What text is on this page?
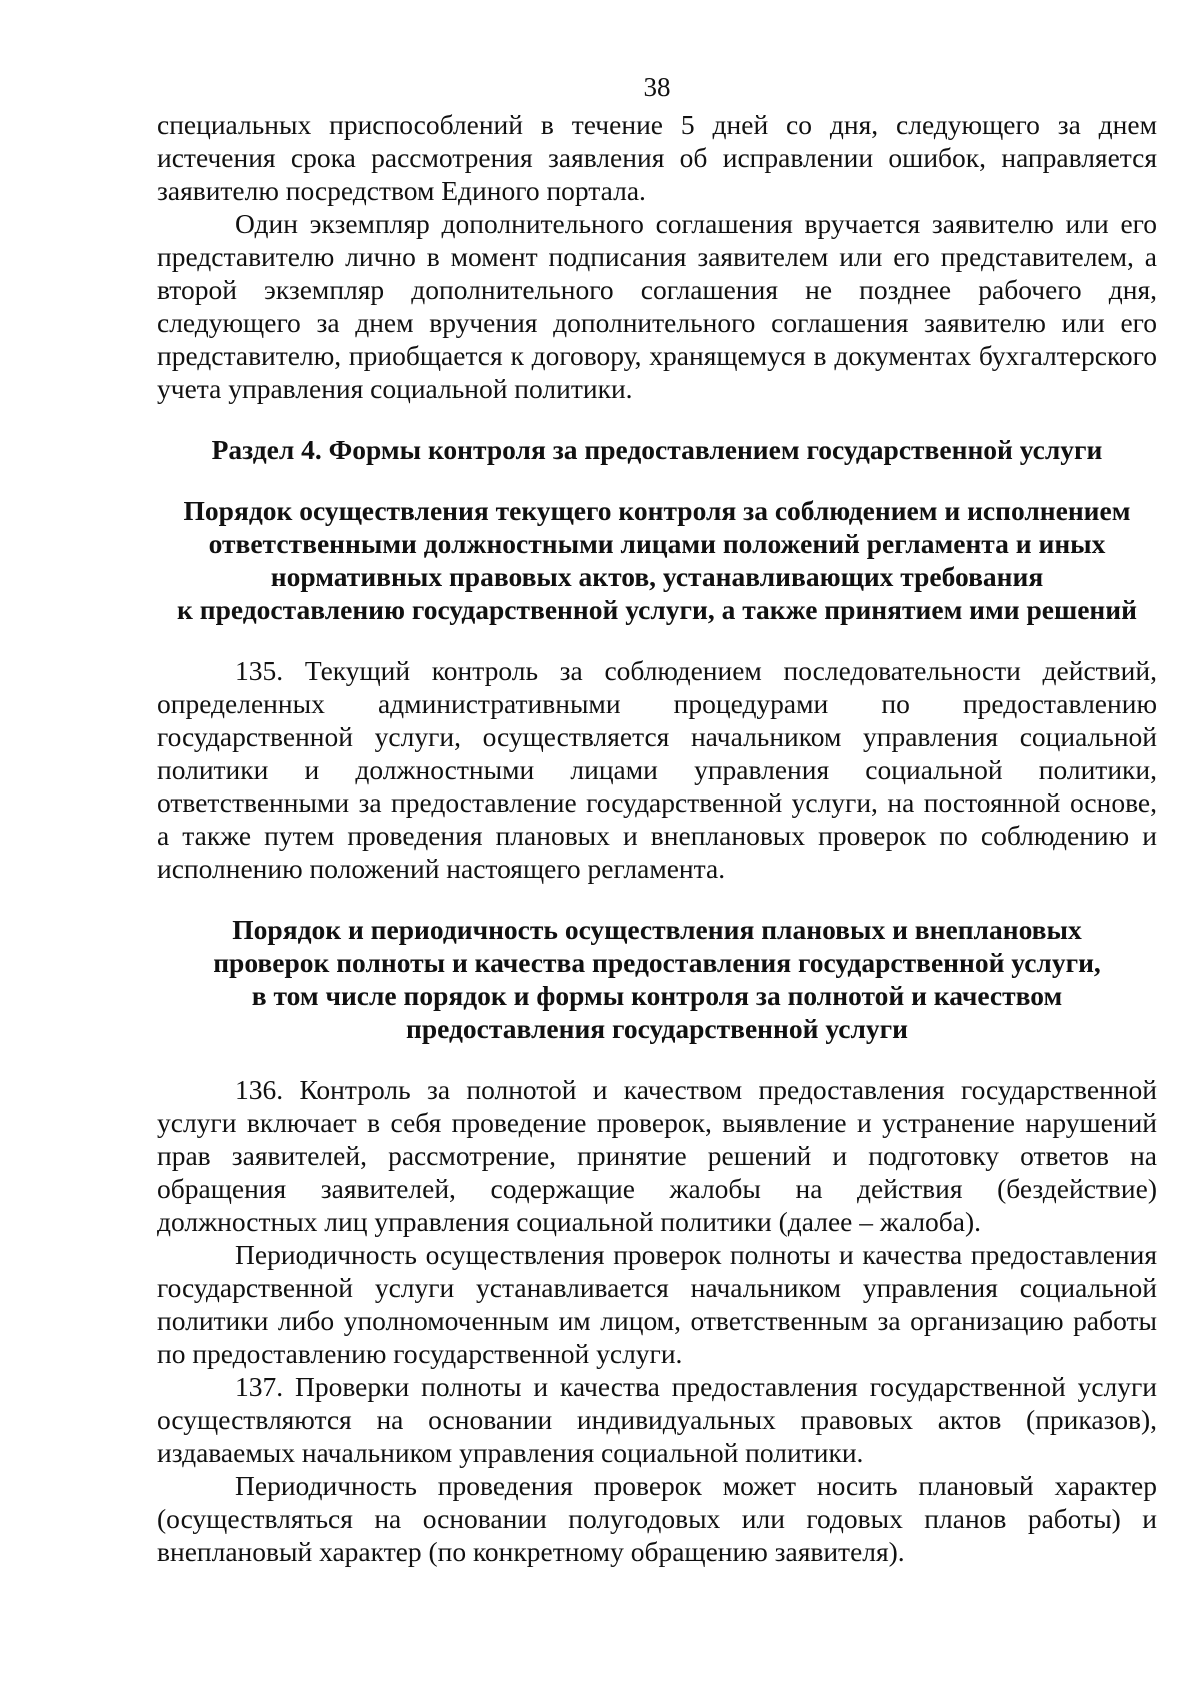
38

специальных приспособлений в течение 5 дней со дня, следующего за днем истечения срока рассмотрения заявления об исправлении ошибок, направляется заявителю посредством Единого портала.

Один экземпляр дополнительного соглашения вручается заявителю или его представителю лично в момент подписания заявителем или его представителем, а второй экземпляр дополнительного соглашения не позднее рабочего дня, следующего за днем вручения дополнительного соглашения заявителю или его представителю, приобщается к договору, хранящемуся в документах бухгалтерского учета управления социальной политики.

Раздел 4. Формы контроля за предоставлением государственной услуги
Порядок осуществления текущего контроля за соблюдением и исполнением
ответственными должностными лицами положений регламента и иных
нормативных правовых актов, устанавливающих требования
к предоставлению государственной услуги, а также принятием ими решений

135. Текущий контроль за соблюдением последовательности действий, определенных административными процедурами по предоставлению государственной услуги, осуществляется начальником управления социальной политики и должностными лицами управления социальной политики, ответственными за предоставление государственной услуги, на постоянной основе, а также путем проведения плановых и внеплановых проверок по соблюдению и исполнению положений настоящего регламента.

Порядок и периодичность осуществления плановых и внеплановых
проверок полноты и качества предоставления государственной услуги,
в том числе порядок и формы контроля за полнотой и качеством
предоставления государственной услуги

136. Контроль за полнотой и качеством предоставления государственной услуги включает в себя проведение проверок, выявление и устранение нарушений прав заявителей, рассмотрение, принятие решений и подготовку ответов на обращения заявителей, содержащие жалобы на действия (бездействие) должностных лиц управления социальной политики (далее – жалоба).

Периодичность осуществления проверок полноты и качества предоставления государственной услуги устанавливается начальником управления социальной политики либо уполномоченным им лицом, ответственным за организацию работы по предоставлению государственной услуги.

137. Проверки полноты и качества предоставления государственной услуги осуществляются на основании индивидуальных правовых актов (приказов), издаваемых начальником управления социальной политики.

Периодичность проведения проверок может носить плановый характер (осуществляться на основании полугодовых или годовых планов работы) и внеплановый характер (по конкретному обращению заявителя).
